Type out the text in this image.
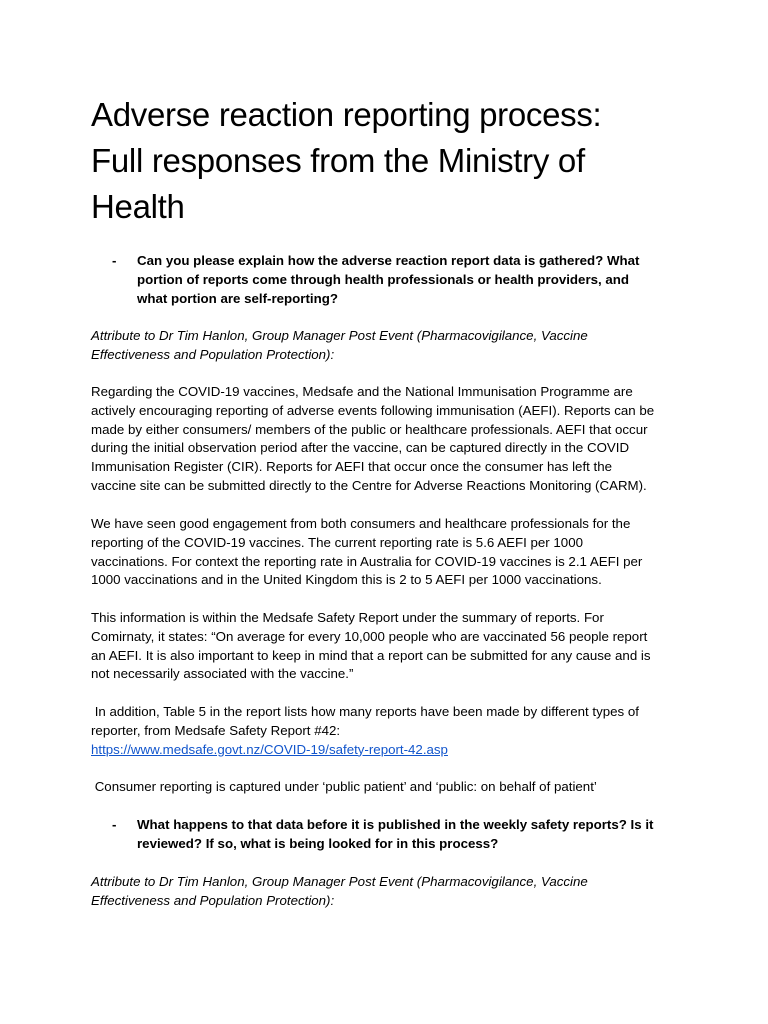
Adverse reaction reporting process:
Full responses from the Ministry of
Health
-	Can you please explain how the adverse reaction report data is gathered? What
portion of reports come through health professionals or health providers, and
what portion are self-reporting?
Attribute to Dr Tim Hanlon, Group Manager Post Event (Pharmacovigilance, Vaccine
Effectiveness and Population Protection):
Regarding the COVID-19 vaccines, Medsafe and the National Immunisation Programme are
actively encouraging reporting of adverse events following immunisation (AEFI). Reports can be
made by either consumers/ members of the public or healthcare professionals. AEFI that occur
during the initial observation period after the vaccine, can be captured directly in the COVID
Immunisation Register (CIR). Reports for AEFI that occur once the consumer has left the
vaccine site can be submitted directly to the Centre for Adverse Reactions Monitoring (CARM).
We have seen good engagement from both consumers and healthcare professionals for the
reporting of the COVID-19 vaccines. The current reporting rate is 5.6 AEFI per 1000
vaccinations. For context the reporting rate in Australia for COVID-19 vaccines is 2.1 AEFI per
1000 vaccinations and in the United Kingdom this is 2 to 5 AEFI per 1000 vaccinations.
This information is within the Medsafe Safety Report under the summary of reports. For
Comirnaty, it states: “On average for every 10,000 people who are vaccinated 56 people report
an AEFI. It is also important to keep in mind that a report can be submitted for any cause and is
not necessarily associated with the vaccine.”
In addition, Table 5 in the report lists how many reports have been made by different types of
reporter, from Medsafe Safety Report #42:
https://www.medsafe.govt.nz/COVID-19/safety-report-42.asp
Consumer reporting is captured under ‘public patient’ and ‘public: on behalf of patient’
-	What happens to that data before it is published in the weekly safety reports? Is it
reviewed? If so, what is being looked for in this process?
Attribute to Dr Tim Hanlon, Group Manager Post Event (Pharmacovigilance, Vaccine
Effectiveness and Population Protection):
